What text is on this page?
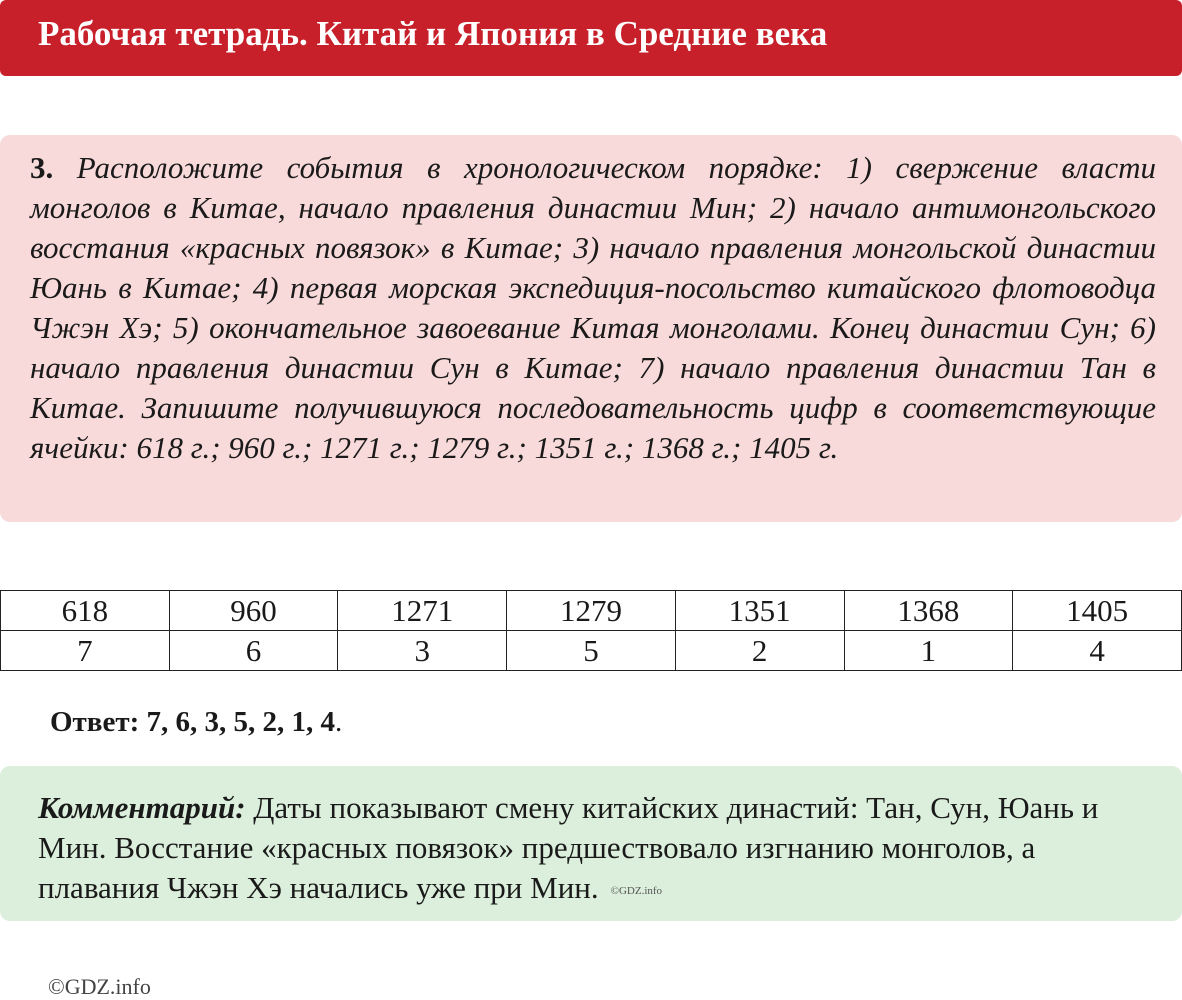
Рабочая тетрадь. Китай и Япония в Средние века
3. Расположите события в хронологическом порядке: 1) свержение власти монголов в Китае, начало правления династии Мин; 2) начало антимонгольского восстания «красных повязок» в Китае; 3) начало правления монгольской династии Юань в Китае; 4) первая морская экспедиция-посольство китайского флотоводца Чжэн Хэ; 5) окончательное завоевание Китая монголами. Конец династии Сун; 6) начало правления династии Сун в Китае; 7) начало правления династии Тан в Китае. Запишите получившуюся последовательность цифр в соответствующие ячейки: 618 г.; 960 г.; 1271 г.; 1279 г.; 1351 г.; 1368 г.; 1405 г.
618	960	1271	1279	1351	1368	1405
7	6	3	5	2	1	4
Ответ: 7, 6, 3, 5, 2, 1, 4.
Комментарий: Даты показывают смену китайских династий: Тан, Сун, Юань и Мин. Восстание «красных повязок» предшествовало изгнанию монголов, а плавания Чжэн Хэ начались уже при Мин. ©GDZ.info
©GDZ.info
